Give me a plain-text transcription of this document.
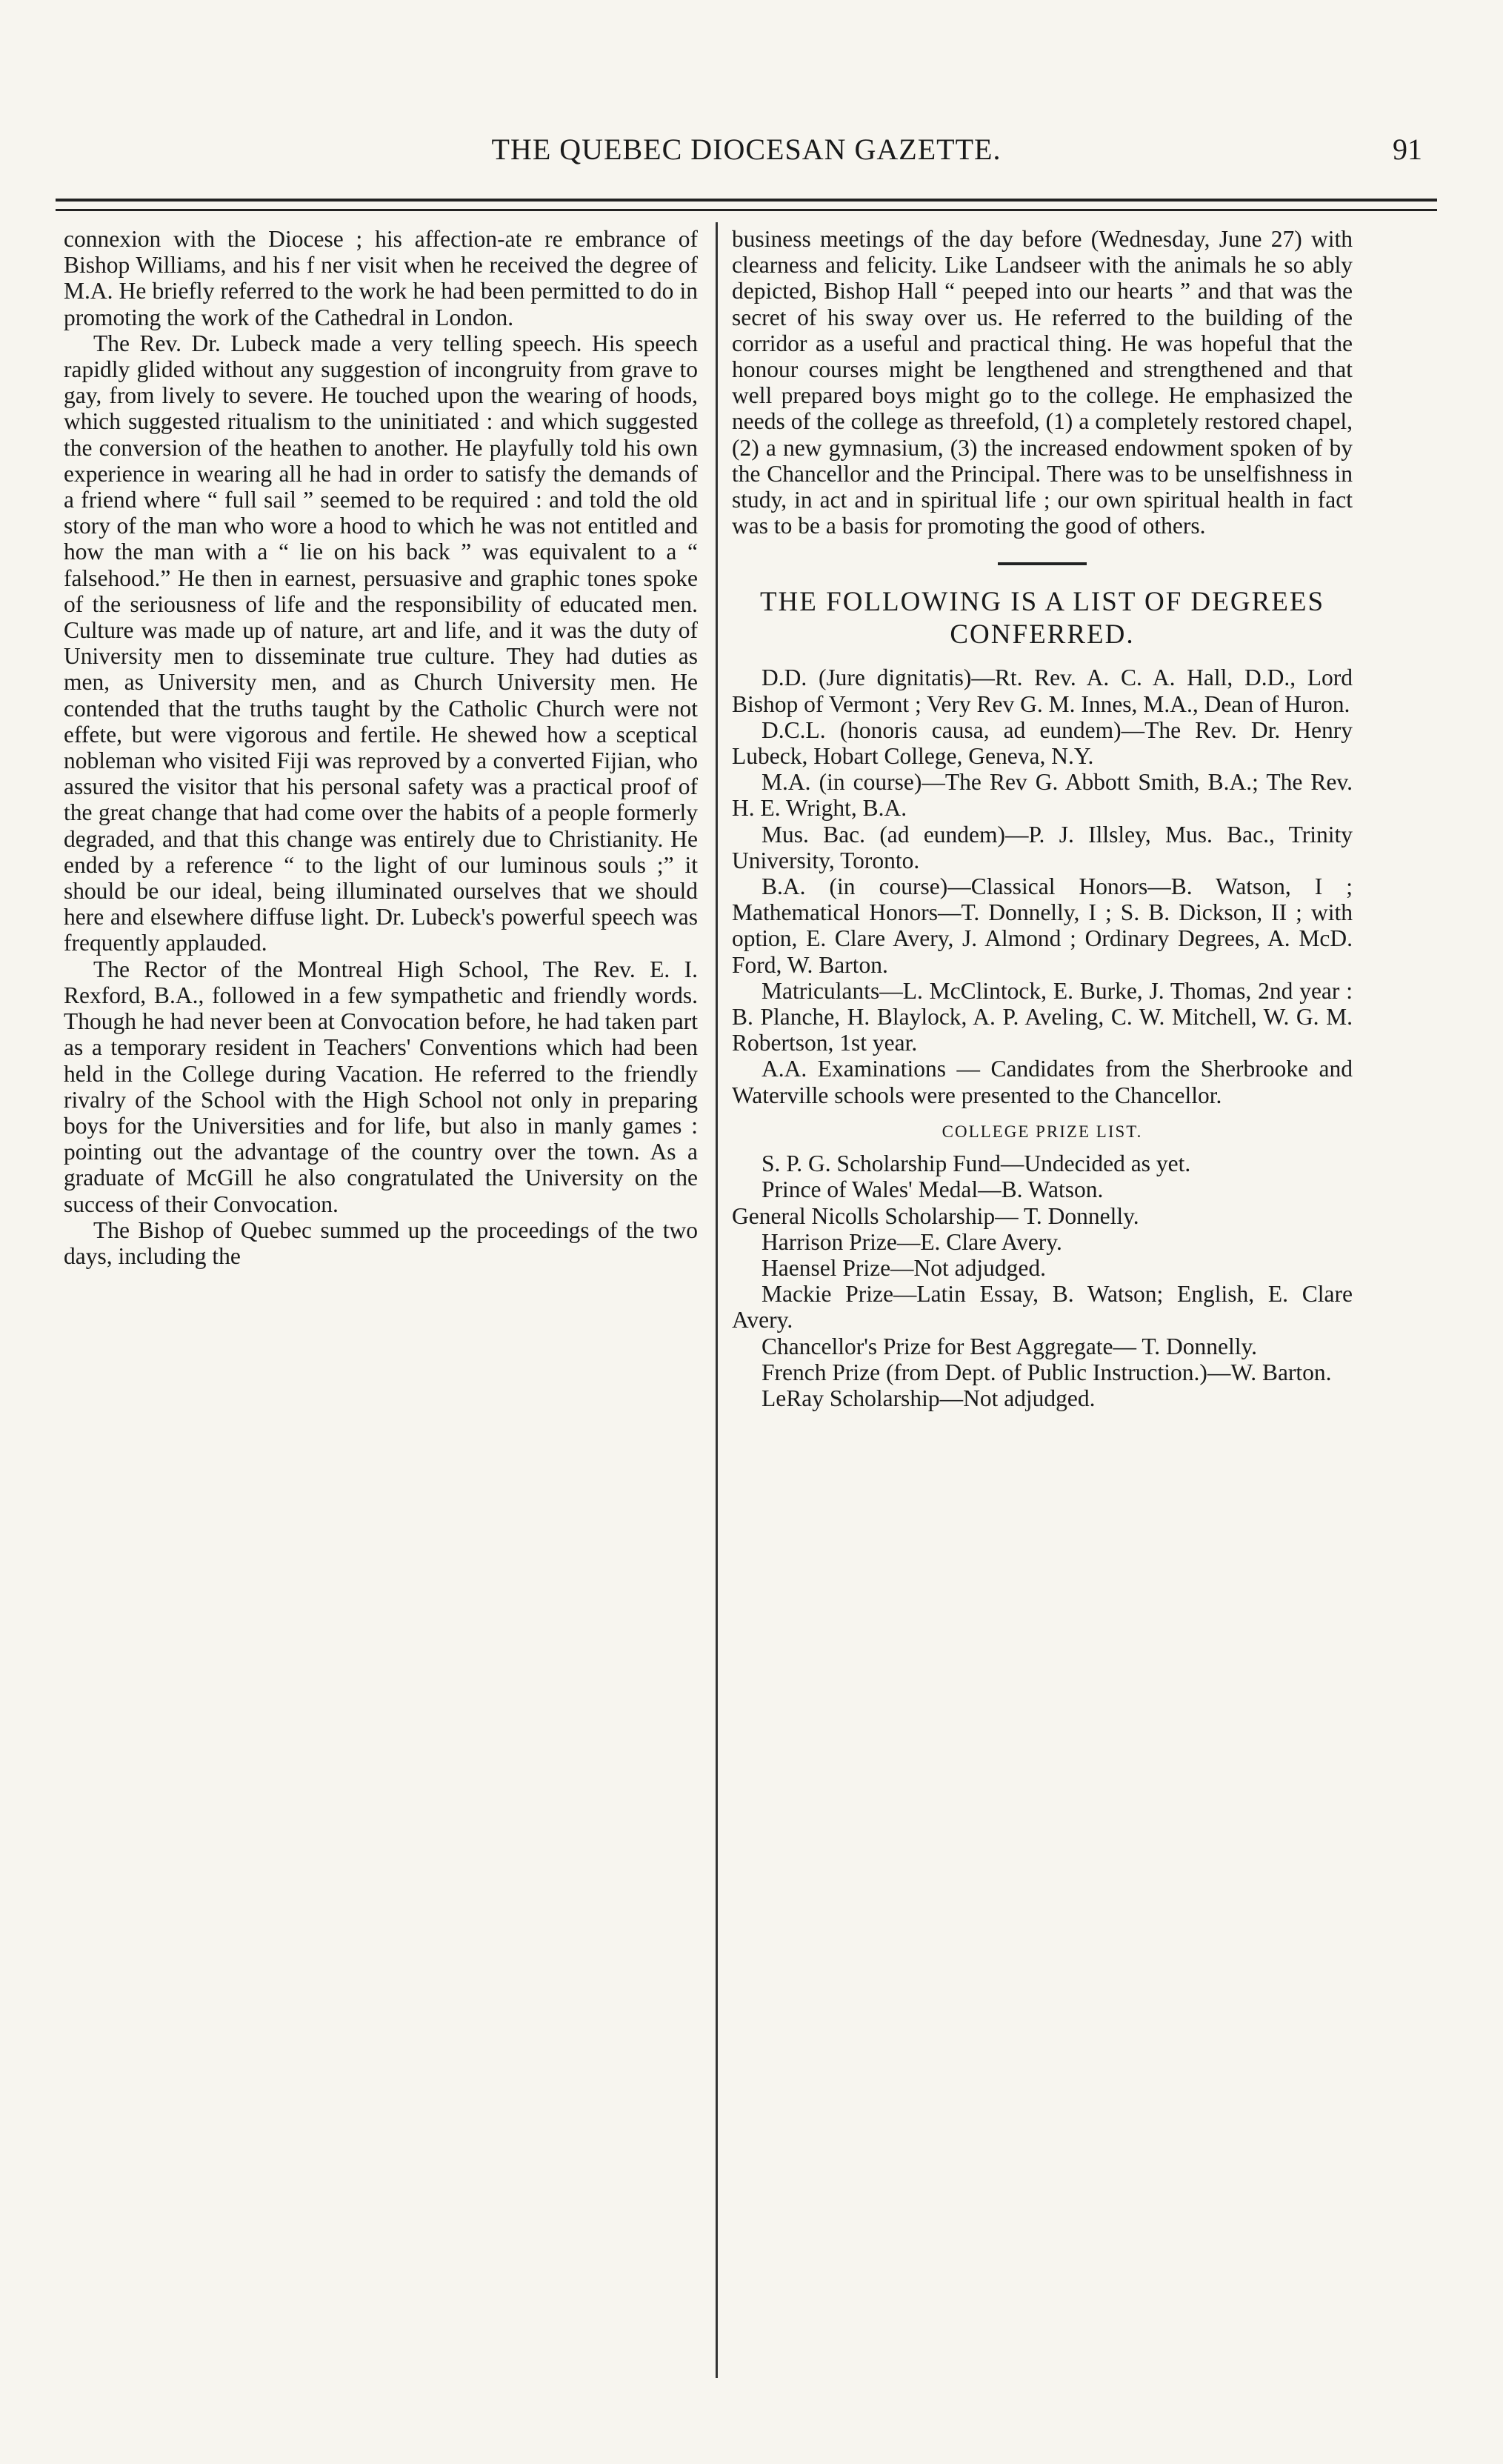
THE QUEBEC DIOCESAN GAZETTE.	91

connexion with the Diocese ; his affection-ate re embrance of Bishop Williams, and his f ner visit when he received the degree of M.A. He briefly referred to the work he had been permitted to do in promoting the work of the Cathedral in London.

The Rev. Dr. Lubeck made a very telling speech. His speech rapidly glided without any suggestion of incongruity from grave to gay, from lively to severe. He touched upon the wearing of hoods, which suggested ritualism to the uninitiated : and which suggested the conversion of the heathen to another. He playfully told his own experience in wearing all he had in order to satisfy the demands of a friend where “ full sail ” seemed to be required : and told the old story of the man who wore a hood to which he was not entitled and how the man with a “ lie on his back ” was equivalent to a “ falsehood.” He then in earnest, persuasive and graphic tones spoke of the seriousness of life and the responsibility of educated men. Culture was made up of nature, art and life, and it was the duty of University men to disseminate true culture. They had duties as men, as University men, and as Church University men. He contended that the truths taught by the Catholic Church were not effete, but were vigorous and fertile. He shewed how a sceptical nobleman who visited Fiji was reproved by a converted Fijian, who assured the visitor that his personal safety was a practical proof of the great change that had come over the habits of a people formerly degraded, and that this change was entirely due to Christianity. He ended by a reference “ to the light of our luminous souls ;” it should be our ideal, being illuminated ourselves that we should here and elsewhere diffuse light. Dr. Lubeck's powerful speech was frequently applauded.

The Rector of the Montreal High School, The Rev. E. I. Rexford, B.A., followed in a few sympathetic and friendly words. Though he had never been at Convocation before, he had taken part as a temporary resident in Teachers' Conventions which had been held in the College during Vacation. He referred to the friendly rivalry of the School with the High School not only in preparing boys for the Universities and for life, but also in manly games : pointing out the advantage of the country over the town. As a graduate of McGill he also congratulated the University on the success of their Convocation.

The Bishop of Quebec summed up the proceedings of the two days, including the

business meetings of the day before (Wednesday, June 27) with clearness and felicity. Like Landseer with the animals he so ably depicted, Bishop Hall “ peeped into our hearts ” and that was the secret of his sway over us. He referred to the building of the corridor as a useful and practical thing. He was hopeful that the honour courses might be lengthened and strengthened and that well prepared boys might go to the college. He emphasized the needs of the college as threefold, (1) a completely restored chapel, (2) a new gymnasium, (3) the increased endowment spoken of by the Chancellor and the Principal. There was to be unselfishness in study, in act and in spiritual life ; our own spiritual health in fact was to be a basis for promoting the good of others.

THE FOLLOWING IS A LIST OF DEGREES CONFERRED.

D.D. (Jure dignitatis)—Rt. Rev. A. C. A. Hall, D.D., Lord Bishop of Vermont ; Very Rev G. M. Innes, M.A., Dean of Huron.

D.C.L. (honoris causa, ad eundem)—The Rev. Dr. Henry Lubeck, Hobart College, Geneva, N.Y.

M.A. (in course)—The Rev G. Abbott Smith, B.A.; The Rev. H. E. Wright, B.A.

Mus. Bac. (ad eundem)—P. J. Illsley, Mus. Bac., Trinity University, Toronto.

B.A. (in course)—Classical Honors—B. Watson, I ; Mathematical Honors—T. Donnelly, I ; S. B. Dickson, II ; with option, E. Clare Avery, J. Almond ; Ordinary Degrees, A. McD. Ford, W. Barton.

Matriculants—L. McClintock, E. Burke, J. Thomas, 2nd year : B. Planche, H. Blaylock, A. P. Aveling, C. W. Mitchell, W. G. M. Robertson, 1st year.

A.A. Examinations — Candidates from the Sherbrooke and Waterville schools were presented to the Chancellor.

COLLEGE PRIZE LIST.

S. P. G. Scholarship Fund—Undecided as yet.

Prince of Wales' Medal—B. Watson.

General Nicolls Scholarship— T. Donnelly.

Harrison Prize—E. Clare Avery.

Haensel Prize—Not adjudged.

Mackie Prize—Latin Essay, B. Watson; English, E. Clare Avery.

Chancellor's Prize for Best Aggregate— T. Donnelly.

French Prize (from Dept. of Public Instruction.)—W. Barton.

LeRay Scholarship—Not adjudged.
